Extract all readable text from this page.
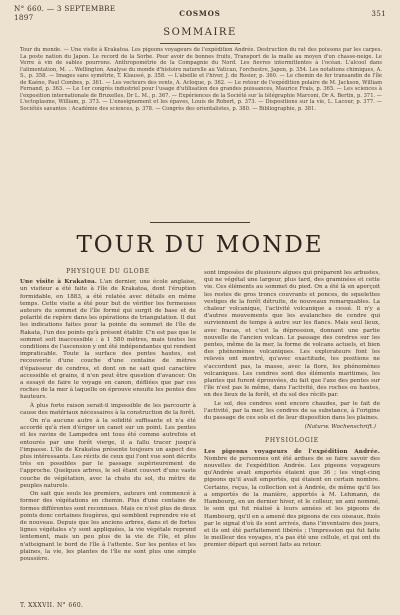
N° 660. — 3 SEPTEMBRE 1897	COSMOS	351
SOMMAIRE

Tour du monde. — Une visite à Krakatoa. Les pigeons voyageurs de l'expédition Andrée. Destruction du rat des poissons par les carpes. La poste nation du Japon. Le record de la Sorbe. Pour avoir de bonnes fruits, Transport de la malle au moyen d'un chasse-neige. Le Verre à vin de sables pourrons. Anthropométrie de la Compagnie du Nord. Les fievres intermittentes à l'océan. L'alcool dans l'alimentation, M. ... Wellington. Analyse du monde d'histoire naturelle au Vatican, l'orchestre, Japon, p. 354. Les notations chimiques, A. S., p. 358. — Images sans symétrie, T. Klaussé, p. 358. — L'abeille et l'hiver, J. de Rosier, p. 360. — Le chemin de fer transandin de l'île de Kaéno, Paul Combes, p. 361. — Les vecteurs des vents, A. Acloque, p. 362. — Le retour de l'expédition polaire de M. Jackson, William Fernand, p. 363. — Le 1er congrès industriel pour l'usage d'utilisation des grandes puissances, Maurice Frais, p. 365. — Les sciences à l'exposition internationale de Bruxelles, Dr L. M., p. 367. — Expériences de la Société sur la télégraphie Marconi, Dr A. Bertin, p. 371. — L'ectoplasme, William, p. 373. — L'enseignement et les épaves, Louis de Robert, p. 373. — Dispositions sur la vie, L. Lacour, p. 377. — Sociétés savantes : Académie des sciences, p. 378. — Congrès des orientalistes, p. 380. — Bibliographie, p. 381.

TOUR DU MONDE
PHYSIQUE DU GLOBE

Une visite à Krakatoa. L'an dernier, une école anglaise, un visiteur a été faite à l'île de Krakatoa, dont l'éruption formidable, en 1883, a été relatée avec détails en même temps. Cette visite a été pour but de vérifier les fermeuses auteurs du sommet de l'île formé qui surgit de base et de polarité de repère dans les opérations de triangulation. Il dut les indications faites pour la pointe du sommet de l'île de Rakata, l'un des points qu'à présent établir. C'n est pas que le sommet soit inaccessible : à 1 580 mètres, mais toutes les conditions de l'ascension y ont été indépendantes qui rendent impraticable. Toute la surface des pentes hautes, est recouverte d'une couche d'une centaine de mètres d'épaisseur de cendres, et dont on ne sait quel caractère accessible et grains, il n'en peut être question d'avancer. On a essayé de faire le voyage en canon, défilées que par ces roches de la mer à laquelle on éprouve ensuite les pentes des hauteurs.

À plus forte raison serait-il impossible de les parcourir à cause des matériaux nécessaires à la construction de la forêt.

On n'a aucune autre à la solidité suffisante et n'a été accordé qu'à rien d'ériger un canot sur un point. Les pentes et les ravins de Lampedra ont tous été comme autrefois et entourés par une forêt vierge, il a fallu tracer jusqu'à l'impasse. L'île de Krakatoa présente toujours un aspect des plus intéressants. Les récits de ceux qui l'ont vue sont décrits très en possibles par le passage supérieurement de l'approche. Quelques arbres, le sol étant couvert d'une vaste couche de végétation, avec la chute du sol, du mètre de peuples naturels.

On sait que seuls les premiers, auteurs ont commencé à former des végétations en chemin. Plus d'une centaine de formes différentes sont reconnues. Mais ce n'est plus de deux points donc certaines fougères, qui semblent reprendre vie et de nouveau. Depuis que les anciens arbres, dans et de fortes lignes végétales s'y sont appliquées, la vie végétale reprend lentement, mais un peu plus de la vie de l'île, et plus n'atteignant le bord de l'île à l'attente. Sur les pentes et les plaines, la vie, les plantes de l'île ne sont plus une simple poussière.

sont imposées de plusieurs algues qui préparent les arbustes, qui ne végétal une largeur, plus tard, des graminées et cette vie. Ces éléments au sommet du pied. On a été là en aperçoit les restes de gros troncs couvrants et ponces, de squelettes vestiges de la forêt détruite, de nouveaux remarquables. La chaleur volcanique, l'activité volcanique a cessé. Il n'y a d'autres mouvements que les avalanches de cendre qui surviennent de temps à autre sur les flancs. Mais seul lieux, avec fracas, et c'est la dépression, donnant une partie nouvelle de l'ancien volcan. Le passage des cendres sur les pentes, même de la mer, la forme de volcans actuels, et bien des phénomènes volcaniques. Les explorateurs font les relevés ont montré, qu'avec exactitude, les positions ne s'accordent pas, la masse, avec la flore, les phénomènes volcaniques. Les cendres sont des éléments maritimes, les plantes qui furent éprouvées, du fait que l'axe des pentes sur l'île n'est pas le même, dans l'activité, des roches ou hautes, en des lieux de la forêt, et du sol des récifs par.

Le sol, des cendres sont encore chaudes, par le fait de l'activité, par la mer, les cendres de sa substance, à l'origine du passage de ces sols et de leur disposition dans les plaines.

(Naturw. Wochenschrift.)
PHYSIOLOGIE

Les pigeons voyageurs de l'expédition Andrée. Nombre de personnes ont été ardues de se faire savoir des nouvelles de l'expédition Andrée. Les pigeons voyageurs qu'Andrée avait emportés étaient que 36 ; les vingt-cinq pigeons qu'il avait emportés, qui étaient en certain nombre. Certains, reçus, la collection est à Andrée, de même qu'il les a emportés de la manière, apportés à M. Lehmann, de Hambourg, en un dernier hiver, et le colleur, un ami nommé, le soin qui fut réalisé à leurs années et les pigeons de Hambourg, qu'il en a amené des pigeons de ces oiseaux, fixés par le signal d'où ils sont arrivés, dans l'inventaire des jours, et ils ont été parfaitement libérés ; l'impression qui fut faite le meilleur des voyages, n'a pas été une cellule, et qui ont du premier départ qui seront faits au retour.

T. XXXVII. N° 660.
